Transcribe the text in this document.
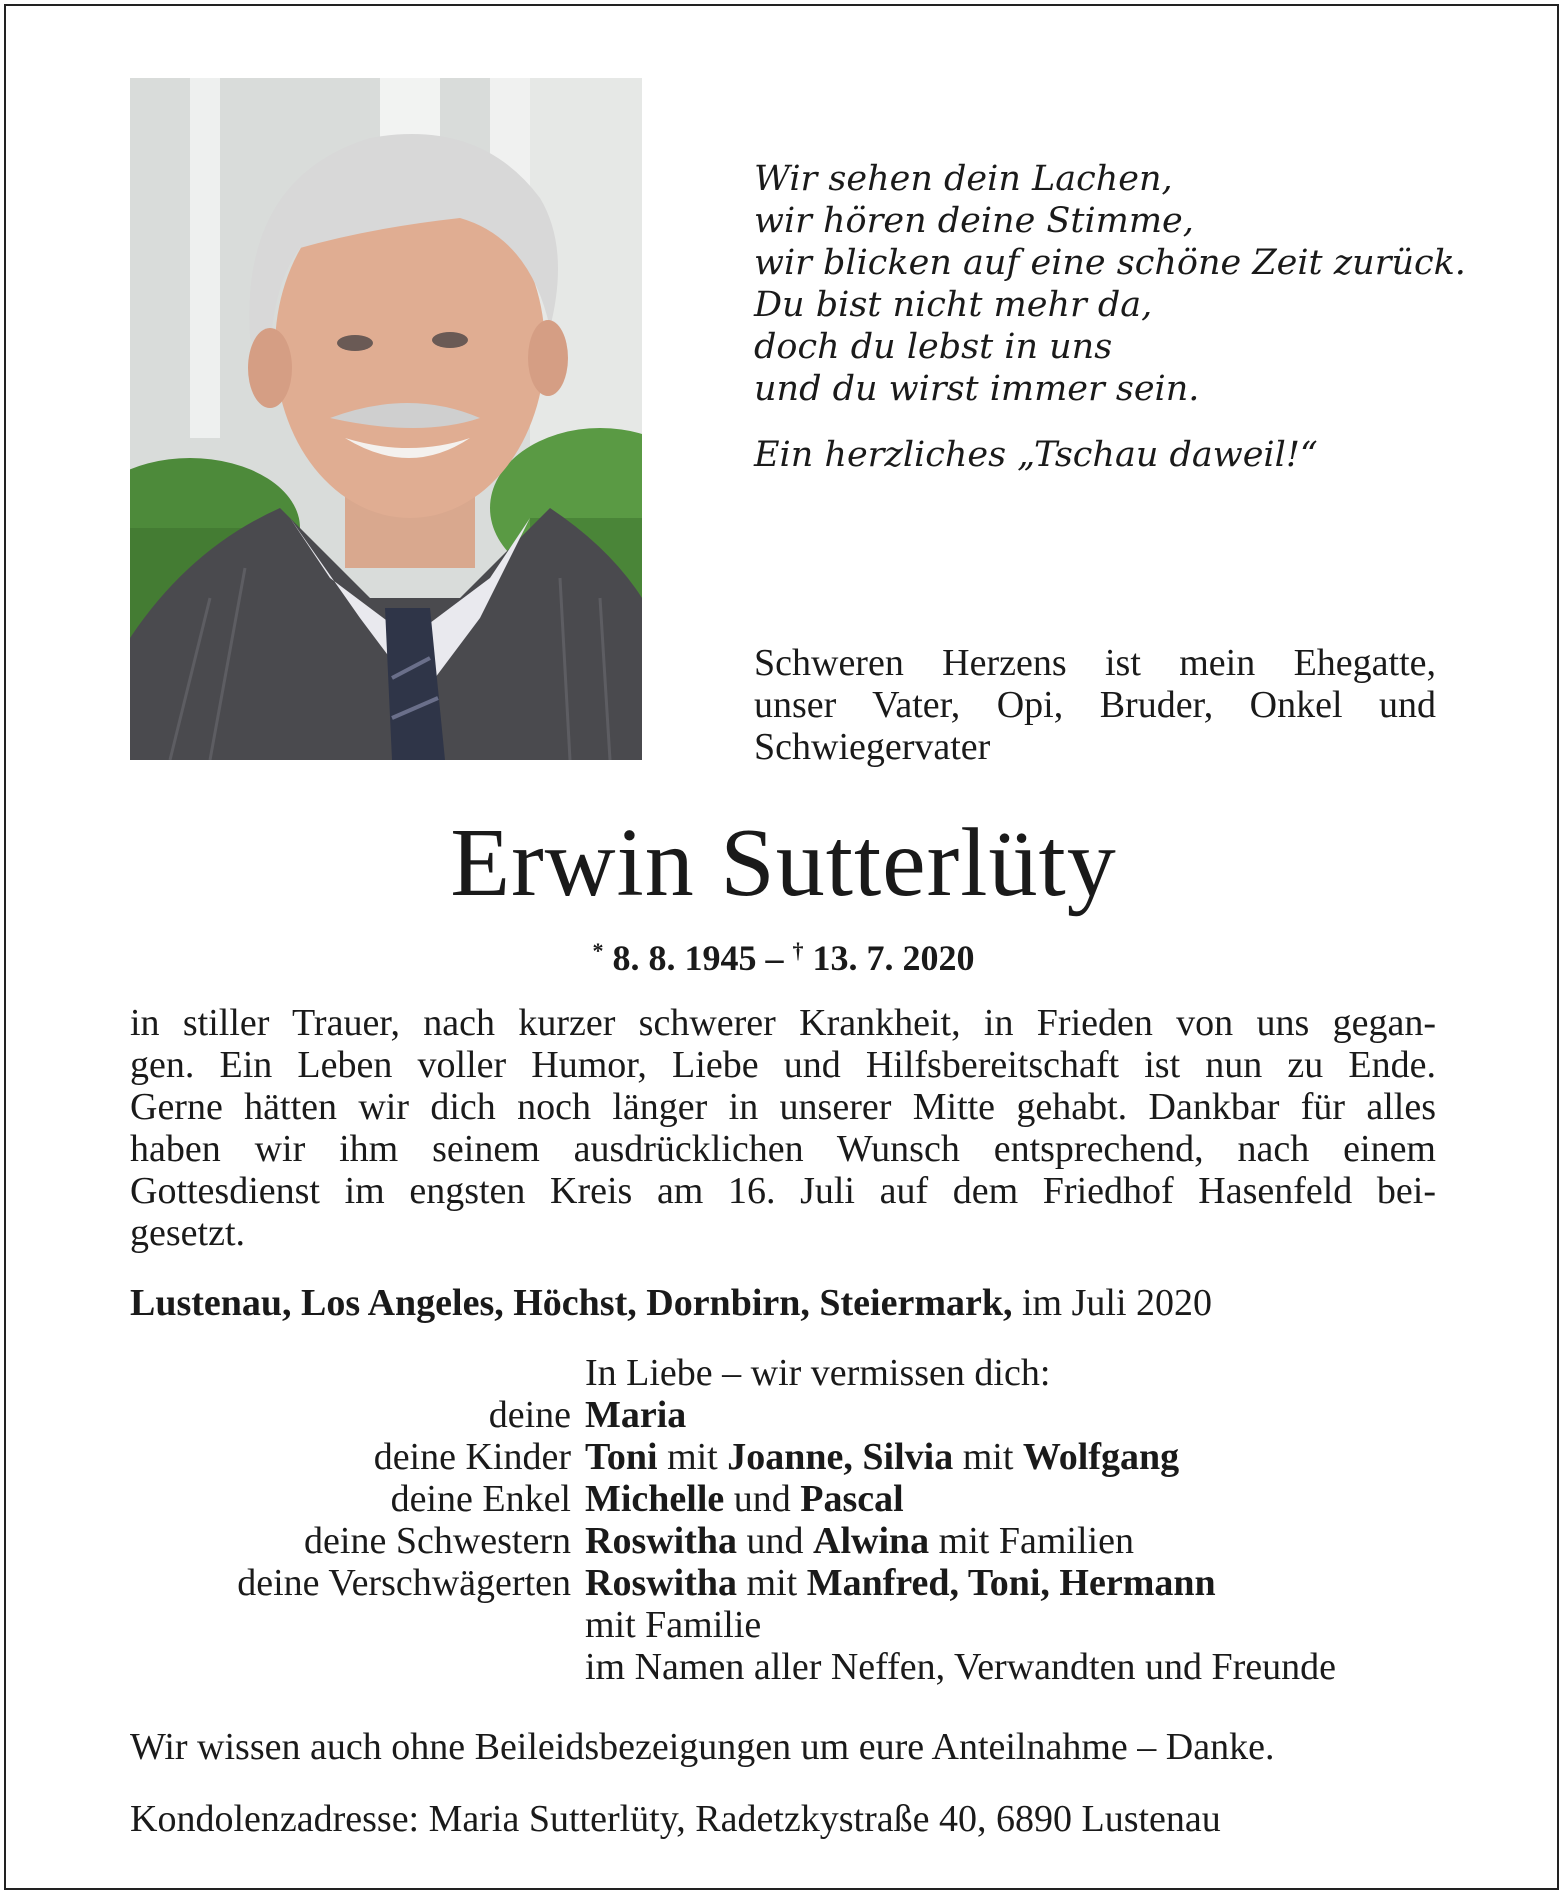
Wir sehen dein Lachen,
wir hören deine Stimme,
wir blicken auf eine schöne Zeit zurück.
Du bist nicht mehr da,
doch du lebst in uns
und du wirst immer sein.
Ein herzliches „Tschau daweil!“
Schweren Herzens ist mein Ehegatte,
unser Vater, Opi, Bruder, Onkel und
Schwiegervater
Erwin Sutterlüty
* 8. 8. 1945 – † 13. 7. 2020
in stiller Trauer, nach kurzer schwerer Krankheit, in Frieden von uns gegan-
gen. Ein Leben voller Humor, Liebe und Hilfsbereitschaft ist nun zu Ende.
Gerne hätten wir dich noch länger in unserer Mitte gehabt. Dankbar für alles
haben wir ihm seinem ausdrücklichen Wunsch entsprechend, nach einem
Gottesdienst im engsten Kreis am 16. Juli auf dem Friedhof Hasenfeld bei-
gesetzt.
Lustenau, Los Angeles, Höchst, Dornbirn, Steiermark, im Juli 2020
In Liebe – wir vermissen dich:
deine Maria
deine Kinder Toni mit Joanne, Silvia mit Wolfgang
deine Enkel Michelle und Pascal
deine Schwestern Roswitha und Alwina mit Familien
deine Verschwägerten Roswitha mit Manfred, Toni, Hermann
mit Familie
im Namen aller Neffen, Verwandten und Freunde
Wir wissen auch ohne Beileidsbezeigungen um eure Anteilnahme – Danke.
Kondolenzadresse: Maria Sutterlüty, Radetzkystraße 40, 6890 Lustenau
